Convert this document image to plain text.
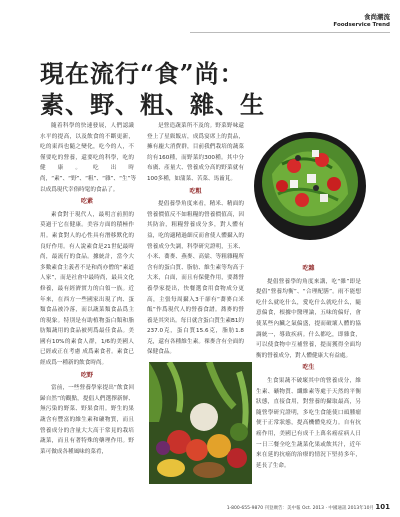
食尚潮流
Foodservice Trend
現在流行“食”尚：
素、野、粗、雜、生

隨着科學的快速發展，人們認識水平的提高，以及飲食的不斷更新，吃的東西也隨之變化，吃今的人，不僅要吃的營養，還要吃的科學，吃的健康。吃出時尚，“素”、“野”、“粗”、“雜”、“生”等以成爲現代幸俗時髦的食品了。

吃素

素食對于現代人，最明言前照的莫過于它在健康。美容方面的積極作用。素食對人的心性具有潛移默化的良好作用。有人說素食是21世紀最時尚，最流行的食品。據統計，當今大多數素食主義者不是和尚亦僧的“素道人家”，而是社會中最時尚，最具文化修養，最有經濟實力的白領一族。近年來，在西方一些國家出現了肉、蛋類食品被冷落，而以蔬菜類食品爲主的現象。特別是有助植物蛋白類和脂肪類蔬用的食品被列爲最佳食品。美國有10%的素食人群，1/6的美國人已經或正在考慮 成爲素食者。素食已經成爲一種新的飲食時尚。

吃野

當前，一些營養學家提出“飲食回歸自然”的觀點，提倡人們選擇新鮮、無污染的野菜、野果食用。野生的果蔬含有豐富的維生素和礦物質，而且營養成分的含量大大高于常見的栽培蔬菜，而且有著特殊的藥理作用。野菜可做成各種風味的菜肴，

是營造蔬菜所不及的。野菜野味還登上了星級飯店，成爲宴席上的貴品，擁有龐大消費群，目前我們栽培的蔬菜約有160種，而野菜約300種。其中分布廣、產量大、營養成分高的野菜就有100多種，如蒲菜、苦菜、馬齒莧。

吃粗

提倡養學角度來看，精米、精面的營養價值反不如粗糧的營養價值高，因其防治，粗糧營養成分多，對人體有益，吃的適精過細反而會使人體攝入的營養成分失調，科學研究證明，玉米、小米、蕎麥、燕麥、高粱、等粗雜糧所含有的蛋白質、脂肪、維生素等均高于大米，白面，而且有保健作用，要蕎營養學家提出，快餐選食用食物成分更高，主張每周攝入3千卻有“蕎麥白米飯”作爲現代人的營養食譜。蕎麥的營養是其突出。每日就含蛋白質生素B1約237.0克，蛋白質15.6克，脂肪1.8克，還有各種維生素。裸麥含有全面的保健食品。

吃雜

提倡營養學的角度來講，吃“雜”即是提倡“營養均衡”、“合理配膳”。雨不能想吃什么就吃什么，愛吃什么就吃什么，隨意偏食，根據中醫理論，五味的偏好，會使某些內臟之氣偏盛，提而破壞人體的協調統一，導致疾病。什么都吃，即雜食，可以使食物中互補營養，提而獲得全面均衡的營養成分，對人體健康大有益處。

吃生

生食果蔬不破壞其中的營養成分，維生素、礦物質、纖維素等處于天然的平衡狀態，直接食用，對營養的攝取最高，另隨營學研究證明，多吃生食能使口頭腫瘤便于正常狀態，提高機體免疫力。自有抗癌作用，美國已有成千上萬名癌症病人日一日三餐全吃生蔬菜化果或飲其汁，近年來在延的抗癌的治療的情況下堅持多年，延長了生命。

1-800-655-9870 刊登廣告：美中報 Oct. 2013 · 中國通訊 2013年10月 101
